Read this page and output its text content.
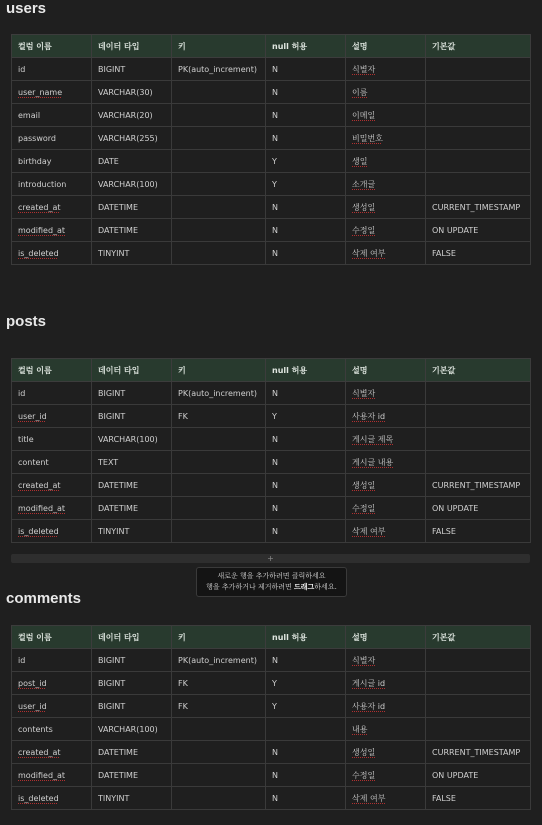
users
컬럼 이름	데이터 타입	키	null 허용	설명	기본값
id	BIGINT	PK(auto_increment)	N	식별자	
user_name	VARCHAR(30)		N	이름	
email	VARCHAR(20)		N	이메일	
password	VARCHAR(255)		N	비밀번호	
birthday	DATE		Y	생일	
introduction	VARCHAR(100)		Y	소개글	
created_at	DATETIME		N	생성일	CURRENT_TIMESTAMP
modified_at	DATETIME		N	수정일	ON UPDATE
is_deleted	TINYINT		N	삭제 여부	FALSE
posts
컬럼 이름	데이터 타입	키	null 허용	설명	기본값
id	BIGINT	PK(auto_increment)	N	식별자	
user_id	BIGINT	FK	Y	사용자 id	
title	VARCHAR(100)		N	게시글 제목	
content	TEXT		N	게시글 내용	
created_at	DATETIME		N	생성일	CURRENT_TIMESTAMP
modified_at	DATETIME		N	수정일	ON UPDATE
is_deleted	TINYINT		N	삭제 여부	FALSE
+
새로운 행을 추가하려면 클릭하세요
행을 추가하거나 제거하려면 드래그하세요.
comments
컬럼 이름	데이터 타입	키	null 허용	설명	기본값
id	BIGINT	PK(auto_increment)	N	식별자	
post_id	BIGINT	FK	Y	게시글 id	
user_id	BIGINT	FK	Y	사용자 id	
contents	VARCHAR(100)			내용	
created_at	DATETIME		N	생성일	CURRENT_TIMESTAMP
modified_at	DATETIME		N	수정일	ON UPDATE
is_deleted	TINYINT		N	삭제 여부	FALSE
